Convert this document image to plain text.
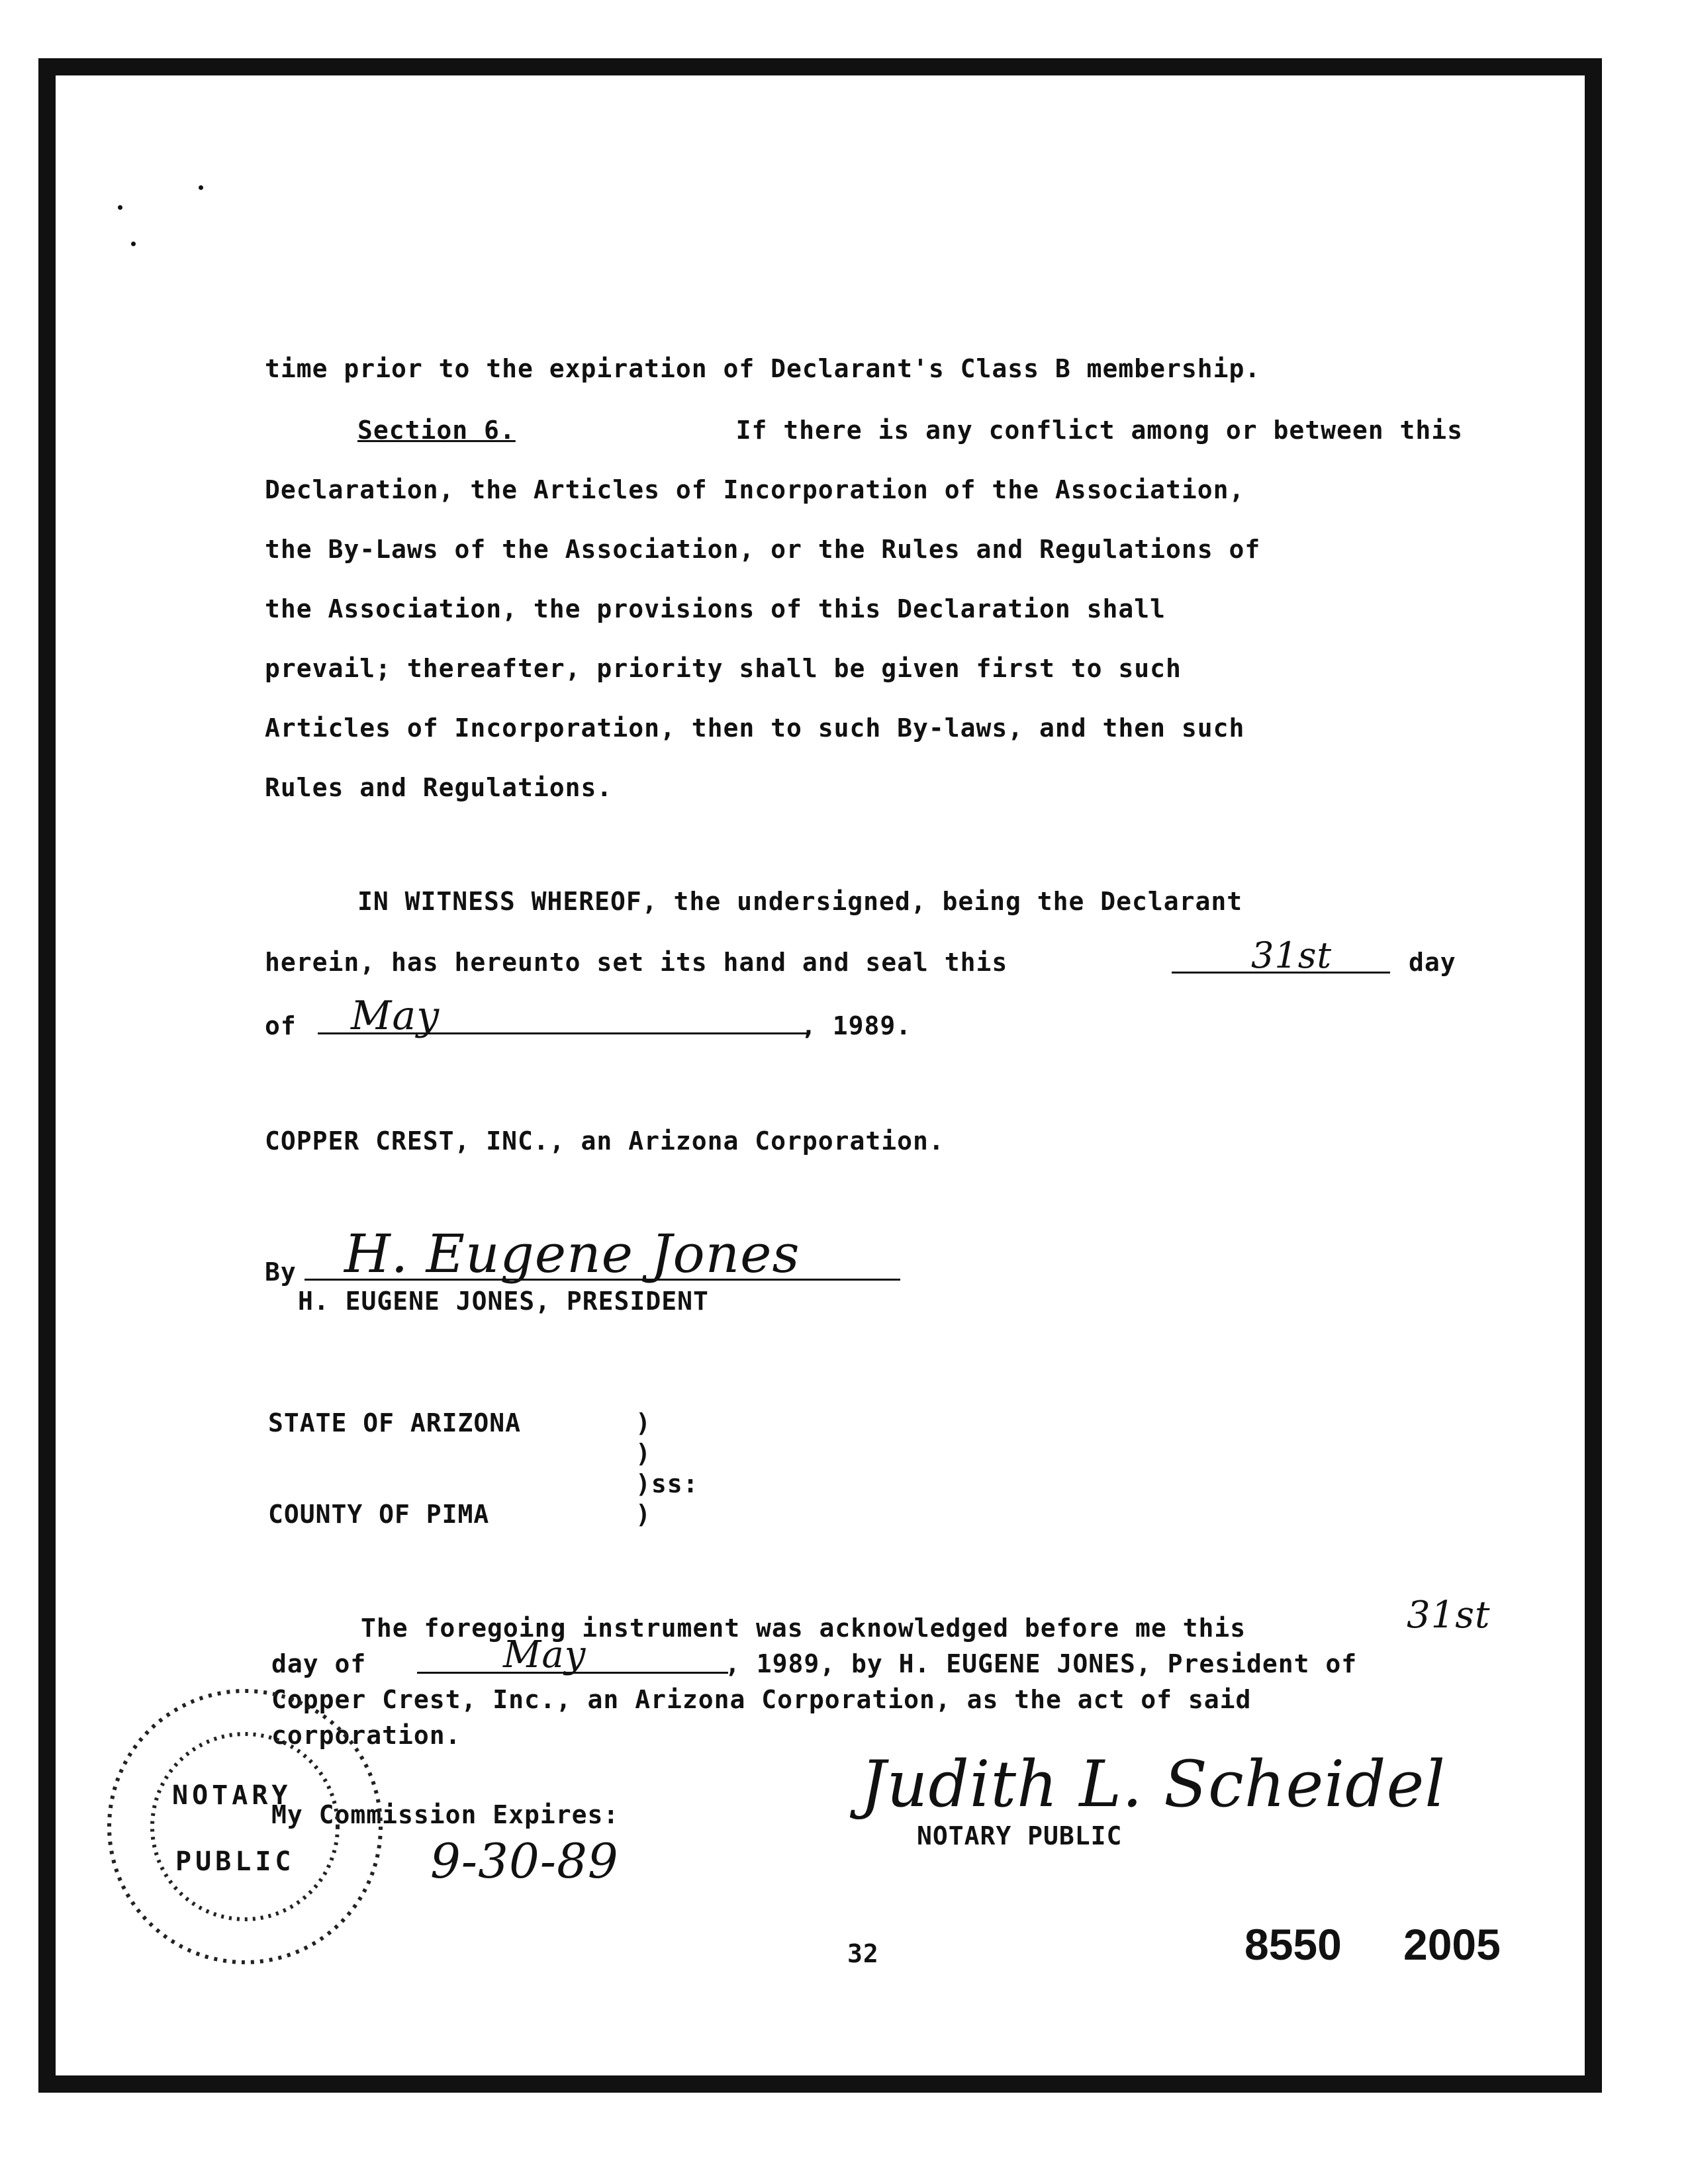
time prior to the expiration of Declarant's Class B membership.
Section 6.	If there is any conflict among or between this
Declaration, the Articles of Incorporation of the Association,
the By-Laws of the Association, or the Rules and Regulations of
the Association, the provisions of this Declaration shall
prevail; thereafter, priority shall be given first to such
Articles of Incorporation, then to such By-laws, and then such
Rules and Regulations.
IN WITNESS WHEREOF, the undersigned, being the Declarant
herein, has hereunto set its hand and seal this	31st	day
of May	, 1989.
COPPER CREST, INC., an Arizona Corporation.
By H. Eugene Jones
H. EUGENE JONES, PRESIDENT
STATE OF ARIZONA	)
)
)ss:
COUNTY OF PIMA	)
The foregoing instrument was acknowledged before me this	31st
day of	May	, 1989, by H. EUGENE JONES, President of
Copper Crest, Inc., an Arizona Corporation, as the act of said
corporation.
My Commission Expires:
9-30-89
Judith L. Scheidel
NOTARY PUBLIC
NOTARY
PUBLIC
32	8550 2005
